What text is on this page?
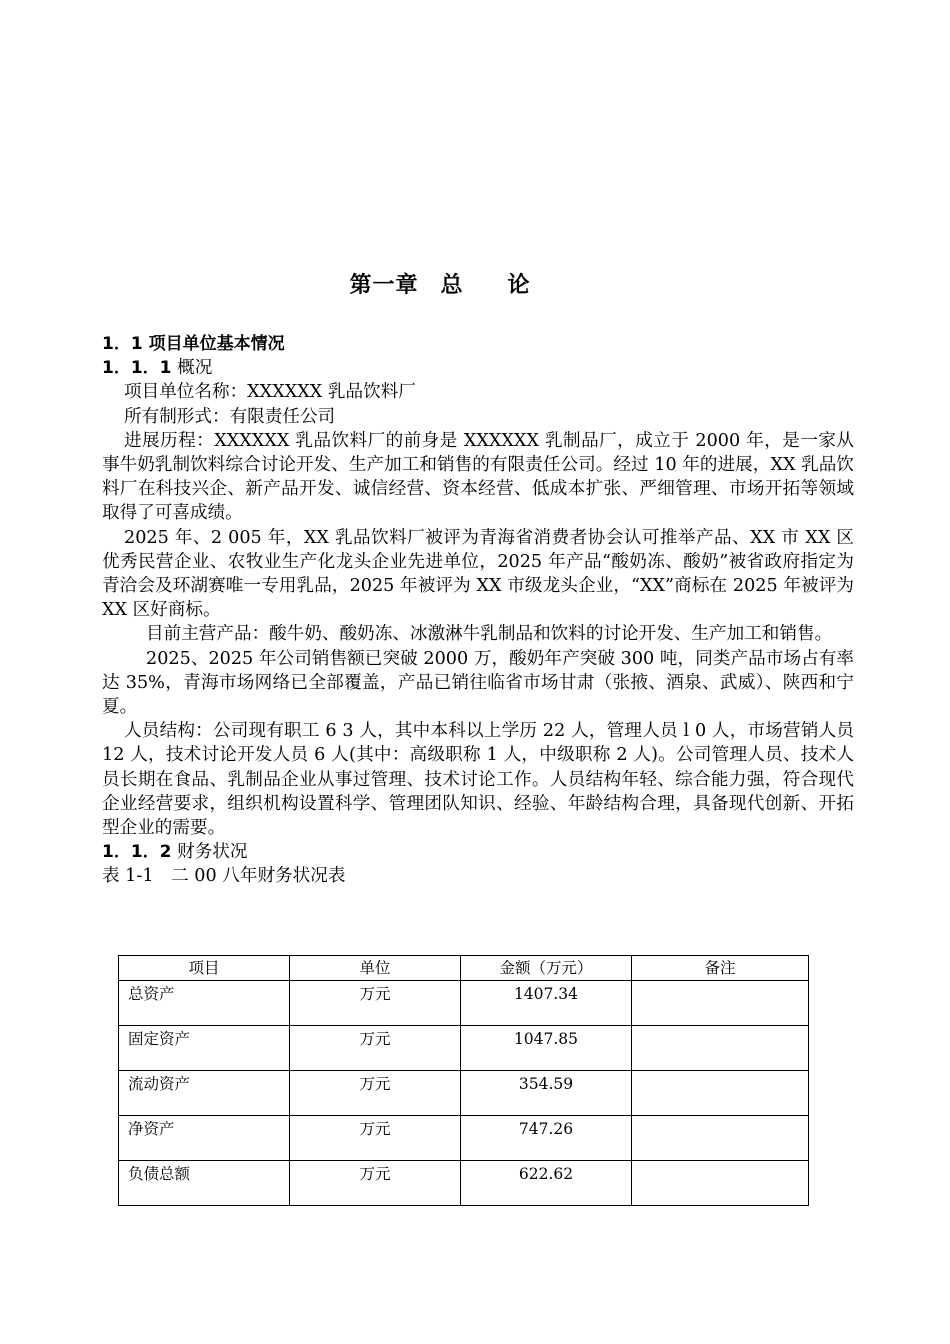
第一章 总 论

1．1 项目单位基本情况

1．1．1 概况

项目单位名称：XXXXXX 乳品饮料厂

所有制形式：有限责任公司

进展历程：XXXXXX 乳品饮料厂的前身是 XXXXXX 乳制品厂，成立于 2000 年，是一家从事牛奶乳制饮料综合讨论开发、生产加工和销售的有限责任公司。经过 10 年的进展，XX 乳品饮料厂在科技兴企、新产品开发、诚信经营、资本经营、低成本扩张、严细管理、市场开拓等领域取得了可喜成绩。

2025 年、2 005 年，XX 乳品饮料厂被评为青海省消费者协会认可推举产品、XX 市 XX 区优秀民营企业、农牧业生产化龙头企业先进单位，2025 年产品“酸奶冻、酸奶”被省政府指定为青洽会及环湖赛唯一专用乳品，2025 年被评为 XX 市级龙头企业，“XX”商标在 2025 年被评为 XX 区好商标。

目前主营产品：酸牛奶、酸奶冻、冰激淋牛乳制品和饮料的讨论开发、生产加工和销售。

2025、2025 年公司销售额已突破 2000 万，酸奶年产突破 300 吨，同类产品市场占有率达 35%，青海市场网络已全部覆盖，产品已销往临省市场甘肃（张掖、酒泉、武威）、陕西和宁夏。

人员结构：公司现有职工 6 3 人，其中本科以上学历 22 人，管理人员 l 0 人，市场营销人员 12 人，技术讨论开发人员 6 人(其中：高级职称 1 人，中级职称 2 人)。公司管理人员、技术人员长期在食品、乳制品企业从事过管理、技术讨论工作。人员结构年轻、综合能力强，符合现代企业经营要求，组织机构设置科学、管理团队知识、经验、年龄结构合理，具备现代创新、开拓型企业的需要。

1．1．2 财务状况

表 1-1　二 00 八年财务状况表

项目	单位	金额（万元）	备注
总资产	万元	1407.34	
固定资产	万元	1047.85	
流动资产	万元	354.59	
净资产	万元	747.26	
负债总额	万元	622.62	
